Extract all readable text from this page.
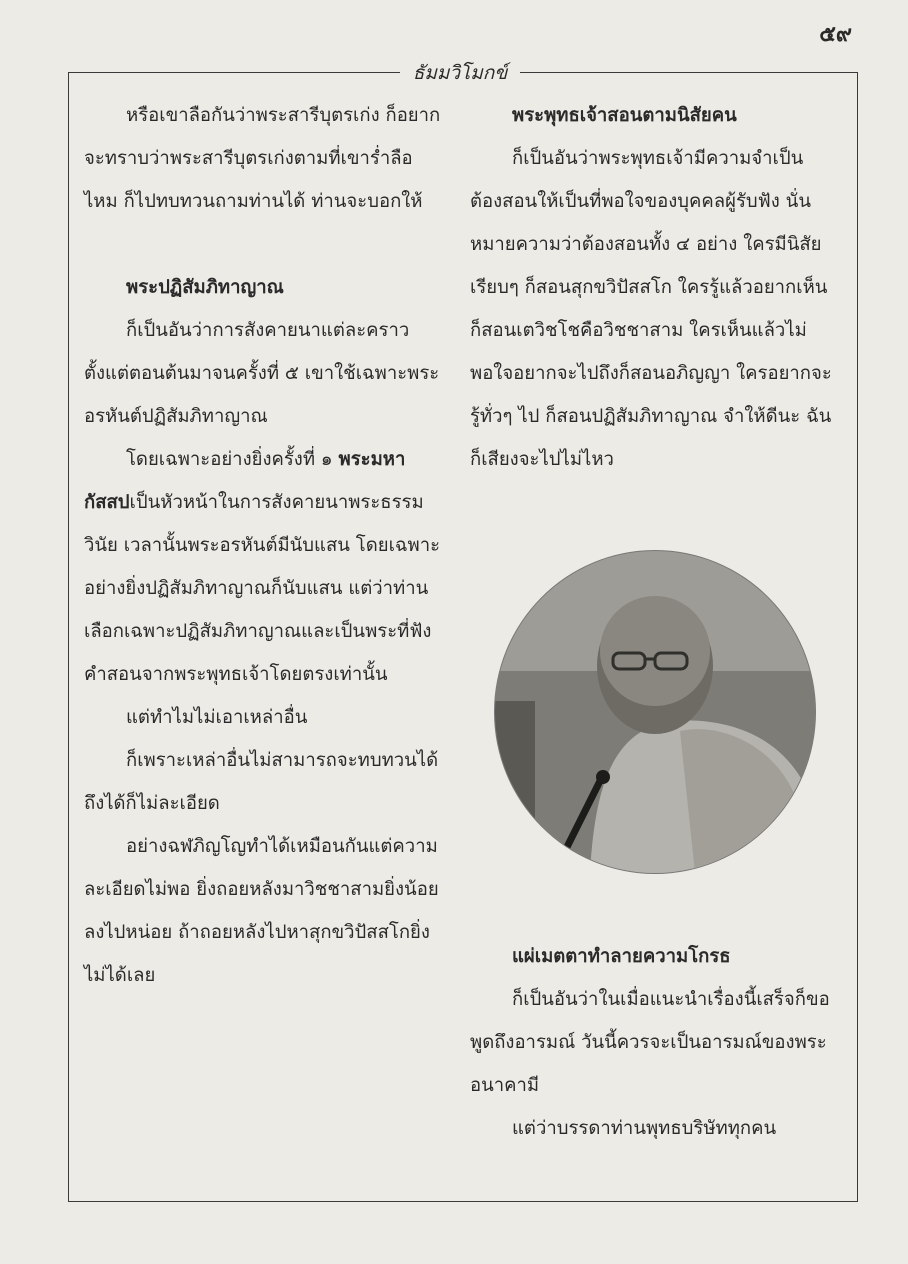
๕๙
ธัมมวิโมกข์

หรือเขาลือกันว่าพระสารีบุตรเก่ง ก็อยากจะทราบว่าพระสารีบุตรเก่งตามที่เขาร่ำลือไหม ก็ไปทบทวนถามท่านได้ ท่านจะบอกให้

พระปฏิสัมภิทาญาณ

ก็เป็นอันว่าการสังคายนาแต่ละคราวตั้งแต่ตอนต้นมาจนครั้งที่ ๕ เขาใช้เฉพาะพระอรหันต์ปฏิสัมภิทาญาณ

โดยเฉพาะอย่างยิ่งครั้งที่ ๑ พระมหากัสสปเป็นหัวหน้าในการสังคายนาพระธรรมวินัย เวลานั้นพระอรหันต์มีนับแสน โดยเฉพาะอย่างยิ่งปฏิสัมภิทาญาณก็นับแสน แต่ว่าท่านเลือกเฉพาะปฏิสัมภิทาญาณและเป็นพระที่ฟังคำสอนจากพระพุทธเจ้าโดยตรงเท่านั้น

แต่ทำไมไม่เอาเหล่าอื่น

ก็เพราะเหล่าอื่นไม่สามารถจะทบทวนได้ ถึงได้ก็ไม่ละเอียด

อย่างฉฬภิญโญทำได้เหมือนกันแต่ความละเอียดไม่พอ ยิ่งถอยหลังมาวิชชาสามยิ่งน้อยลงไปหน่อย ถ้าถอยหลังไปหาสุกขวิปัสสโกยิ่งไม่ได้เลย

พระพุทธเจ้าสอนตามนิสัยคน

ก็เป็นอันว่าพระพุทธเจ้ามีความจำเป็นต้องสอนให้เป็นที่พอใจของบุคคลผู้รับฟัง นั่นหมายความว่าต้องสอนทั้ง ๔ อย่าง ใครมีนิสัยเรียบๆ ก็สอนสุกขวิปัสสโก ใครรู้แล้วอยากเห็นก็สอนเตวิชโชคือวิชชาสาม ใครเห็นแล้วไม่พอใจอยากจะไปถึงก็สอนอภิญญา ใครอยากจะรู้ทั่วๆ ไป ก็สอนปฏิสัมภิทาญาณ จำให้ดีนะ ฉันก็เสียงจะไปไม่ไหว

แผ่เมตตาทำลายความโกรธ

ก็เป็นอันว่าในเมื่อแนะนำเรื่องนี้เสร็จก็ขอพูดถึงอารมณ์ วันนี้ควรจะเป็นอารมณ์ของพระอนาคามี

แต่ว่าบรรดาท่านพุทธบริษัททุกคน
